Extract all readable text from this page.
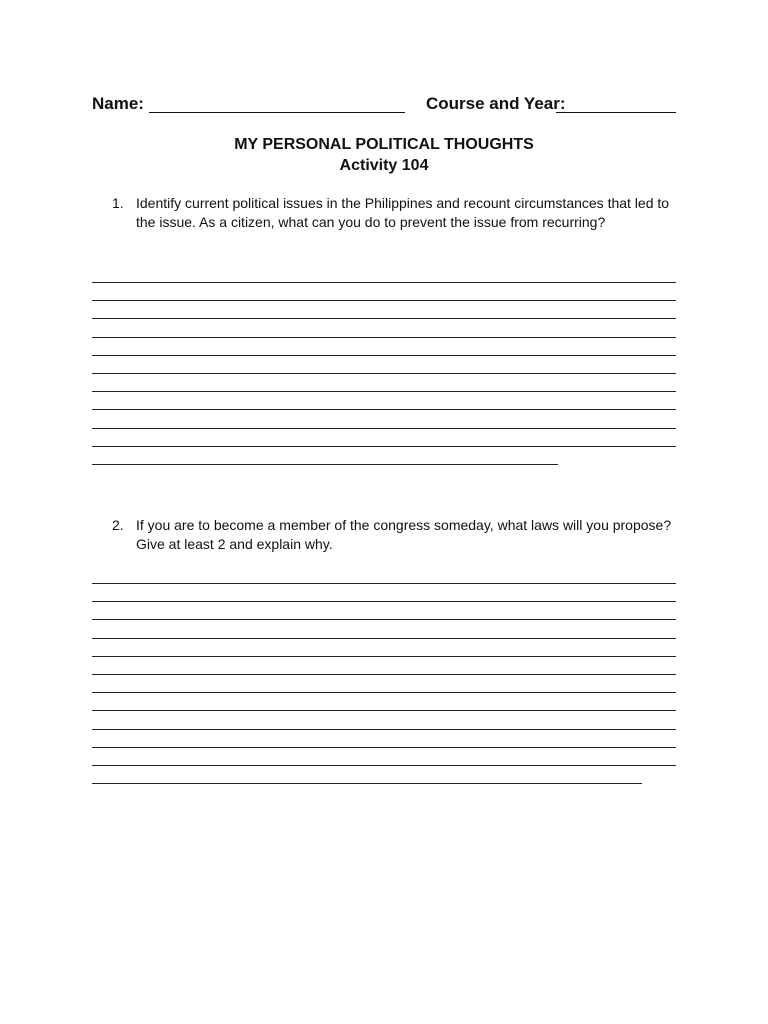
Name:	Course and Year:
MY PERSONAL POLITICAL THOUGHTS
Activity 104
1. Identify current political issues in the Philippines and recount circumstances that led to the issue. As a citizen, what can you do to prevent the issue from recurring?
2. If you are to become a member of the congress someday, what laws will you propose? Give at least 2 and explain why.
